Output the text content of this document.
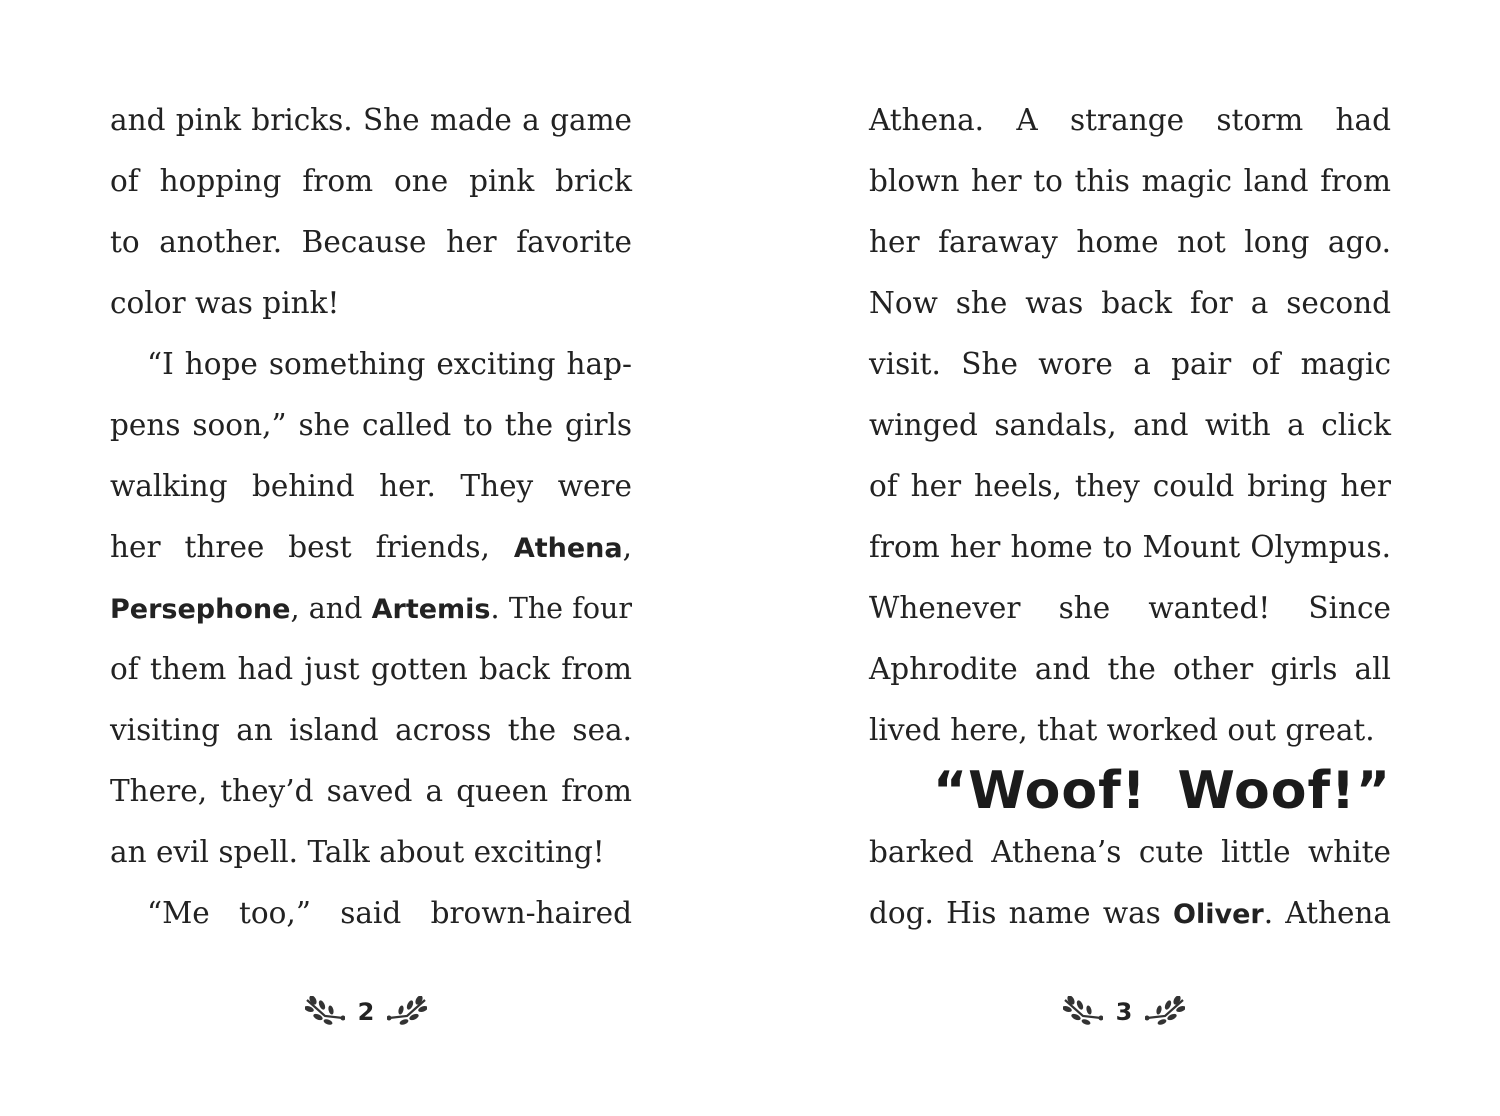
and pink bricks. She made a game
of hopping from one pink brick
to another. Because her favorite
color was pink!
“I hope something exciting hap-
pens soon,” she called to the girls
walking behind her. They were
her three best friends, Athena,
Persephone, and Artemis. The four
of them had just gotten back from
visiting an island across the sea.
There, they’d saved a queen from
an evil spell. Talk about exciting!
“Me too,” said brown-haired
Athena. A strange storm had
blown her to this magic land from
her faraway home not long ago.
Now she was back for a second
visit. She wore a pair of magic
winged sandals, and with a click
of her heels, they could bring her
from her home to Mount Olympus.
Whenever she wanted! Since
Aphrodite and the other girls all
lived here, that worked out great.
“Woof! Woof!”
barked Athena’s cute little white
dog. His name was Oliver. Athena
2	3
